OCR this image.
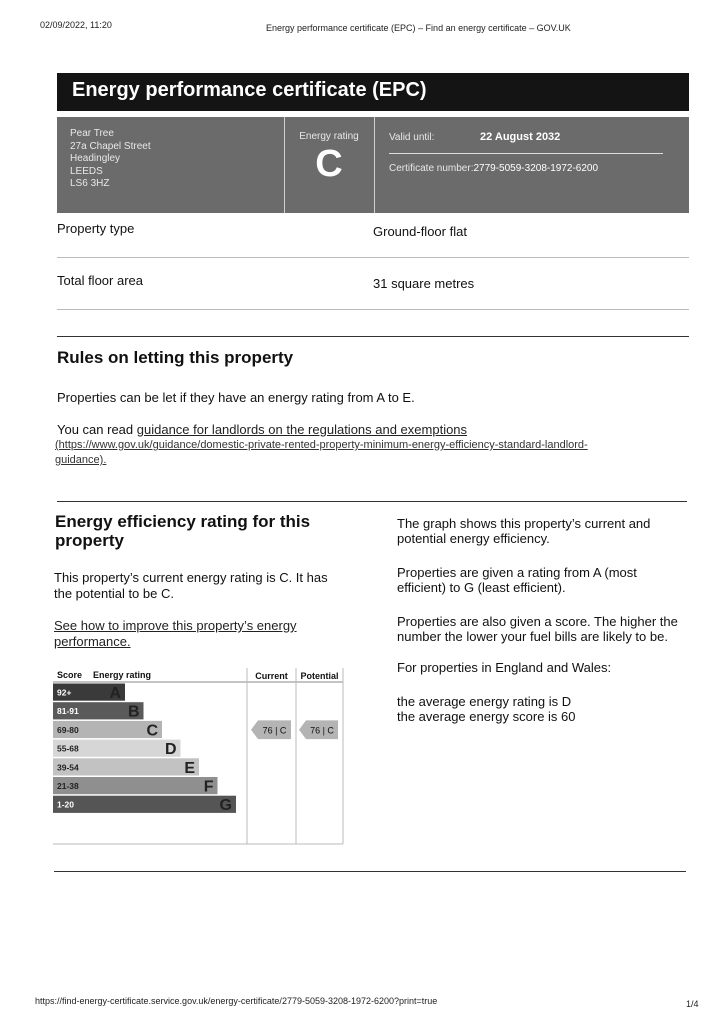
02/09/2022, 11:20	Energy performance certificate (EPC) – Find an energy certificate – GOV.UK
Energy performance certificate (EPC)
Pear Tree
27a Chapel Street
Headingley
LEEDS
LS6 3HZ
Energy rating
C
Valid until:	22 August 2032
Certificate number:2779-5059-3208-1972-6200
Property type	Ground-floor flat
Total floor area	31 square metres
Rules on letting this property
Properties can be let if they have an energy rating from A to E.
You can read guidance for landlords on the regulations and exemptions
(https://www.gov.uk/guidance/domestic-private-rented-property-minimum-energy-efficiency-standard-landlord-
guidance).
Energy efficiency rating for this
property
This property’s current energy rating is C. It has
the potential to be C.
See how to improve this property’s energy
performance.
The graph shows this property’s current and
potential energy efficiency.
Properties are given a rating from A (most
efficient) to G (least efficient).
Properties are also given a score. The higher the
number the lower your fuel bills are likely to be.
For properties in England and Wales:
the average energy rating is D
the average energy score is 60
Score Energy rating	Current Potential
92+ A
81-91	B
69-80	C
55-68	D
39-54	E
21-38	F
1-20	G
76 | C	76 | C
https://find-energy-certificate.service.gov.uk/energy-certificate/2779-5059-3208-1972-6200?print=true	1/4
